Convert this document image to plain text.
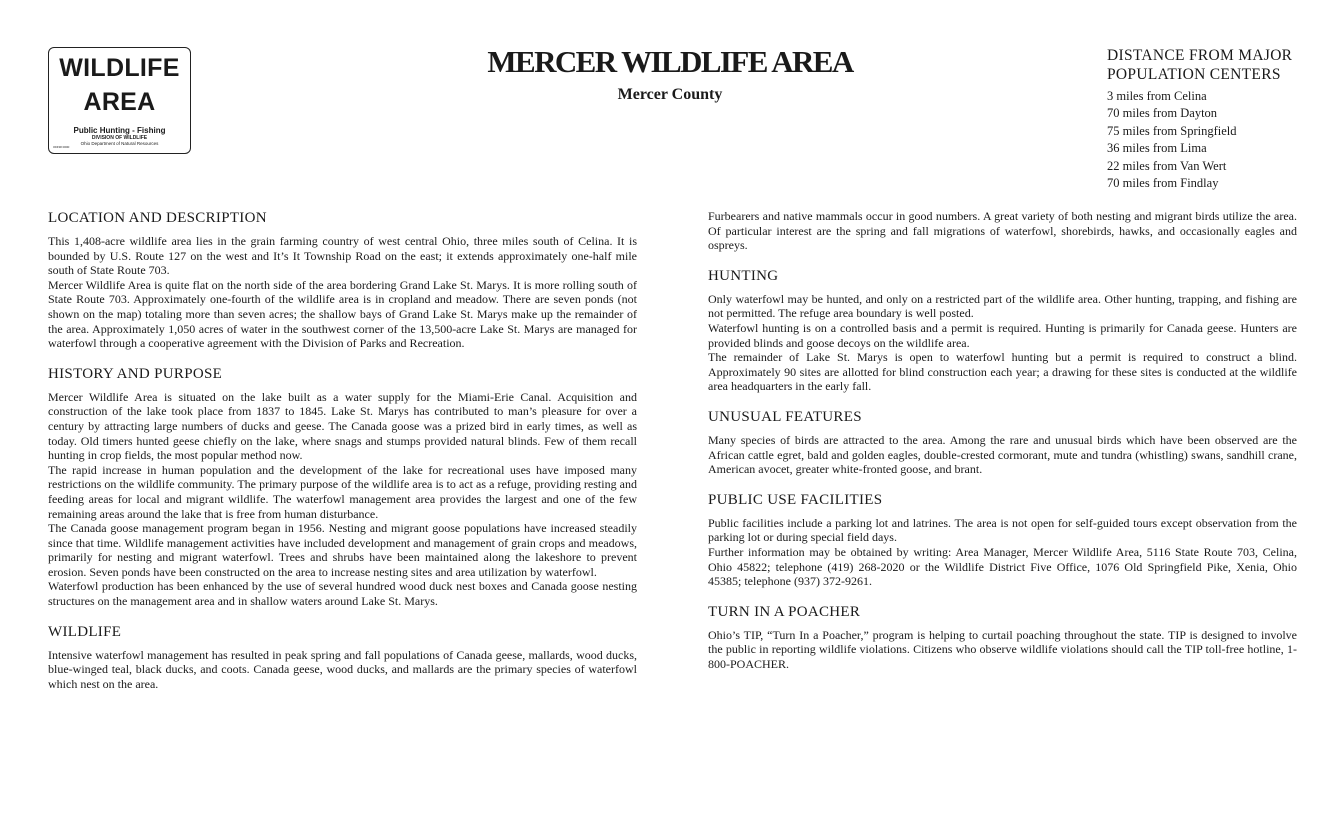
WILDLIFE
AREA
Public Hunting - Fishing
DIVISION OF WILDLIFE
Ohio Department of Natural Resources
ODNR 0000
MERCER WILDLIFE AREA
Mercer County
DISTANCE FROM MAJOR
POPULATION CENTERS
3 miles from Celina
70 miles from Dayton
75 miles from Springfield
36 miles from Lima
22 miles from Van Wert
70 miles from Findlay
LOCATION AND DESCRIPTION

This 1,408-acre wildlife area lies in the grain farming country of west central Ohio, three miles south of Celina. It is bounded by U.S. Route 127 on the west and It’s It Township Road on the east; it extends approximately one-half mile south of State Route 703.

Mercer Wildlife Area is quite flat on the north side of the area bordering Grand Lake St. Marys. It is more rolling south of State Route 703. Approximately one-fourth of the wildlife area is in cropland and meadow. There are seven ponds (not shown on the map) totaling more than seven acres; the shallow bays of Grand Lake St. Marys make up the remainder of the area. Approximately 1,050 acres of water in the southwest corner of the 13,500-acre Lake St. Marys are managed for waterfowl through a cooperative agreement with the Division of Parks and Recreation.

HISTORY AND PURPOSE

Mercer Wildlife Area is situated on the lake built as a water supply for the Miami-Erie Canal. Acquisition and construction of the lake took place from 1837 to 1845. Lake St. Marys has contributed to man’s pleasure for over a century by attracting large numbers of ducks and geese. The Canada goose was a prized bird in early times, as well as today. Old timers hunted geese chiefly on the lake, where snags and stumps provided natural blinds. Few of them recall hunting in crop fields, the most popular method now.

The rapid increase in human population and the development of the lake for recreational uses have imposed many restrictions on the wildlife community. The primary purpose of the wildlife area is to act as a refuge, providing resting and feeding areas for local and migrant wildlife. The waterfowl management area provides the largest and one of the few remaining areas around the lake that is free from human disturbance.

The Canada goose management program began in 1956. Nesting and migrant goose populations have increased steadily since that time. Wildlife management activities have included development and management of grain crops and meadows, primarily for nesting and migrant waterfowl. Trees and shrubs have been maintained along the lakeshore to prevent erosion. Seven ponds have been constructed on the area to increase nesting sites and area utilization by waterfowl.

Waterfowl production has been enhanced by the use of several hundred wood duck nest boxes and Canada goose nesting structures on the management area and in shallow waters around Lake St. Marys.

WILDLIFE

Intensive waterfowl management has resulted in peak spring and fall populations of Canada geese, mallards, wood ducks, blue-winged teal, black ducks, and coots. Canada geese, wood ducks, and mallards are the primary species of waterfowl which nest on the area.

Furbearers and native mammals occur in good numbers. A great variety of both nesting and migrant birds utilize the area. Of particular interest are the spring and fall migrations of waterfowl, shorebirds, hawks, and occasionally eagles and ospreys.

HUNTING

Only waterfowl may be hunted, and only on a restricted part of the wildlife area. Other hunting, trapping, and fishing are not permitted. The refuge area boundary is well posted.

Waterfowl hunting is on a controlled basis and a permit is required. Hunting is primarily for Canada geese. Hunters are provided blinds and goose decoys on the wildlife area.

The remainder of Lake St. Marys is open to waterfowl hunting but a permit is required to construct a blind. Approximately 90 sites are allotted for blind construction each year; a drawing for these sites is conducted at the wildlife area headquarters in the early fall.

UNUSUAL FEATURES

Many species of birds are attracted to the area. Among the rare and unusual birds which have been observed are the African cattle egret, bald and golden eagles, double-crested cormorant, mute and tundra (whistling) swans, sandhill crane, American avocet, greater white-fronted goose, and brant.

PUBLIC USE FACILITIES

Public facilities include a parking lot and latrines. The area is not open for self-guided tours except observation from the parking lot or during special field days.

Further information may be obtained by writing: Area Manager, Mercer Wildlife Area, 5116 State Route 703, Celina, Ohio 45822; telephone (419) 268-2020 or the Wildlife District Five Office, 1076 Old Springfield Pike, Xenia, Ohio 45385; telephone (937) 372-9261.

TURN IN A POACHER

Ohio’s TIP, “Turn In a Poacher,” program is helping to curtail poaching throughout the state. TIP is designed to involve the public in reporting wildlife violations. Citizens who observe wildlife violations should call the TIP toll-free hotline, 1-800-POACHER.
